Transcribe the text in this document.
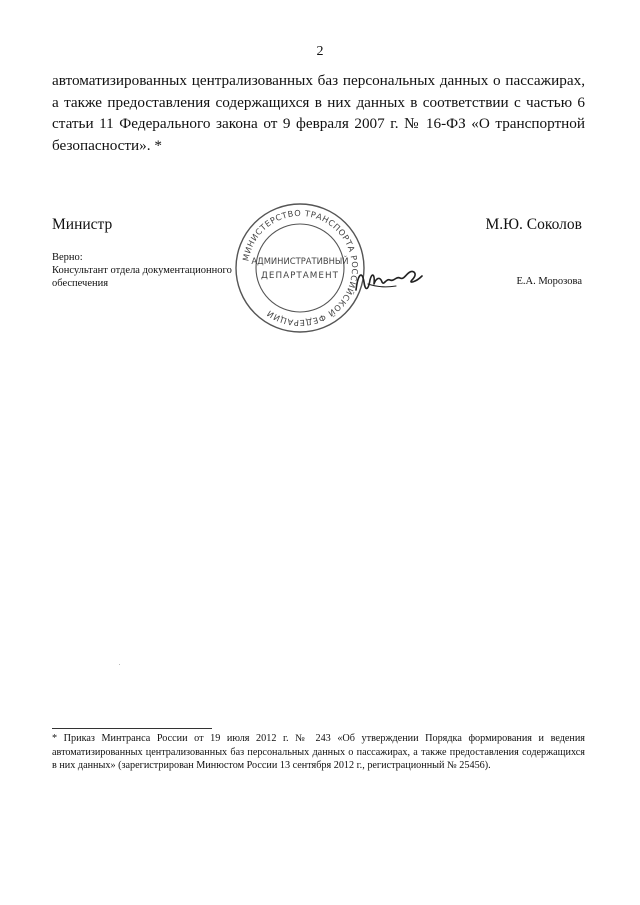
2
автоматизированных централизованных баз персональных данных о пассажирах, а также предоставления содержащихся в них данных в соответствии с частью 6 статьи 11 Федерального закона от 9 февраля 2007 г. № 16-ФЗ «О транспортной безопасности». *
Министр	М.Ю. Соколов
Верно:
Консультант отдела документационного
обеспечения	Е.А. Морозова
МИНИСТЕРСТВО ТРАНСПОРТА РОССИЙСКОЙ ФЕДЕРАЦИИ
АДМИНИСТРАТИВНЫЙ
ДЕПАРТАМЕНТ
* Приказ Минтранса России от 19 июля 2012 г. № 243 «Об утверждении Порядка формирования и ведения автоматизированных централизованных баз персональных данных о пассажирах, а также предоставления содержащихся в них данных» (зарегистрирован Минюстом России 13 сентября 2012 г., регистрационный № 25456).
